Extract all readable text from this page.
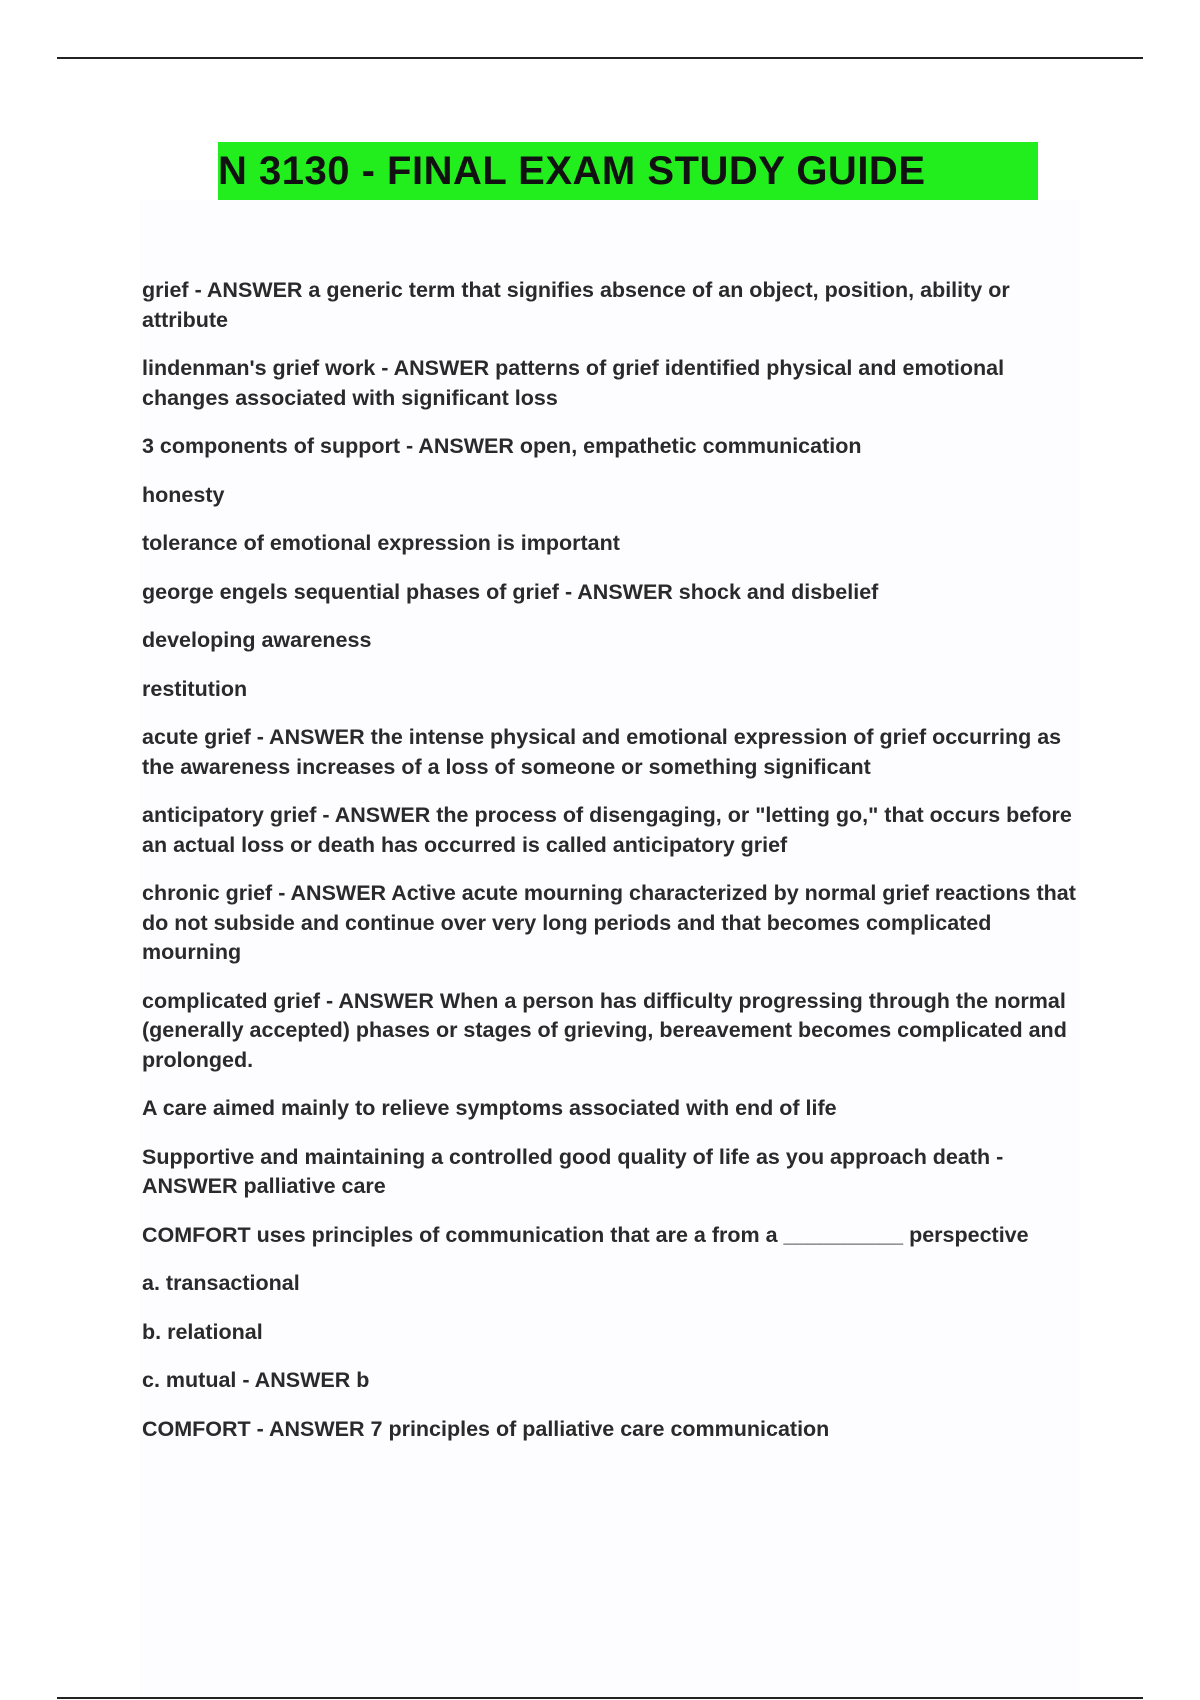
N 3130 - FINAL EXAM STUDY GUIDE

grief - ANSWER a generic term that signifies absence of an object, position, ability or attribute

lindenman's grief work - ANSWER patterns of grief identified physical and emotional changes associated with significant loss

3 components of support - ANSWER open, empathetic communication

honesty

tolerance of emotional expression is important

george engels sequential phases of grief - ANSWER shock and disbelief

developing awareness

restitution

acute grief - ANSWER the intense physical and emotional expression of grief occurring as the awareness increases of a loss of someone or something significant

anticipatory grief - ANSWER the process of disengaging, or "letting go," that occurs before an actual loss or death has occurred is called anticipatory grief

chronic grief - ANSWER Active acute mourning characterized by normal grief reactions that do not subside and continue over very long periods and that becomes complicated mourning

complicated grief - ANSWER When a person has difficulty progressing through the normal (generally accepted) phases or stages of grieving, bereavement becomes complicated and prolonged.

A care aimed mainly to relieve symptoms associated with end of life

Supportive and maintaining a controlled good quality of life as you approach death - ANSWER palliative care

COMFORT uses principles of communication that are a from a __________ perspective

a. transactional

b. relational

c. mutual - ANSWER b

COMFORT - ANSWER 7 principles of palliative care communication
